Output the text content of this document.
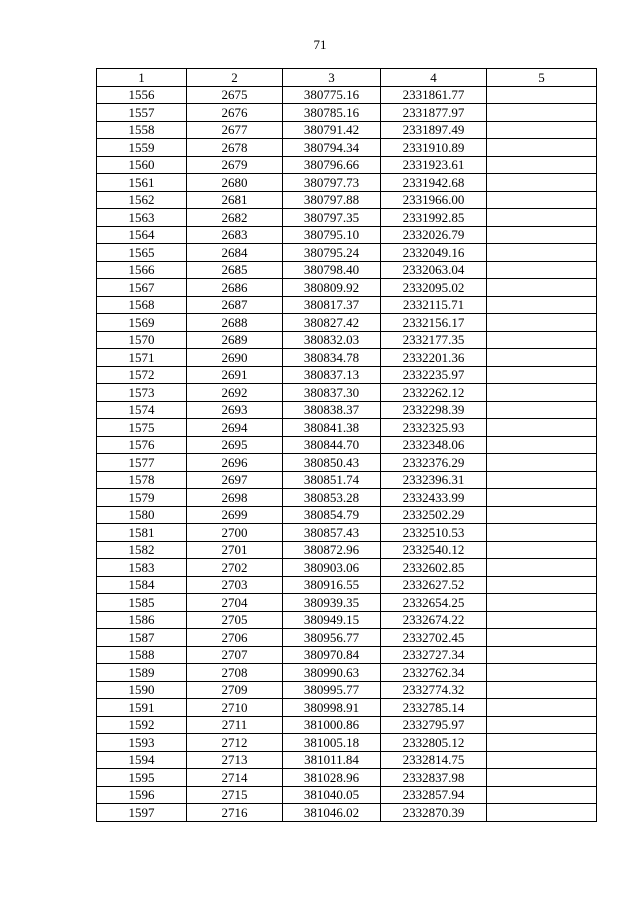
71
1	2	3	4	5
1556	2675	380775.16	2331861.77	
1557	2676	380785.16	2331877.97	
1558	2677	380791.42	2331897.49	
1559	2678	380794.34	2331910.89	
1560	2679	380796.66	2331923.61	
1561	2680	380797.73	2331942.68	
1562	2681	380797.88	2331966.00	
1563	2682	380797.35	2331992.85	
1564	2683	380795.10	2332026.79	
1565	2684	380795.24	2332049.16	
1566	2685	380798.40	2332063.04	
1567	2686	380809.92	2332095.02	
1568	2687	380817.37	2332115.71	
1569	2688	380827.42	2332156.17	
1570	2689	380832.03	2332177.35	
1571	2690	380834.78	2332201.36	
1572	2691	380837.13	2332235.97	
1573	2692	380837.30	2332262.12	
1574	2693	380838.37	2332298.39	
1575	2694	380841.38	2332325.93	
1576	2695	380844.70	2332348.06	
1577	2696	380850.43	2332376.29	
1578	2697	380851.74	2332396.31	
1579	2698	380853.28	2332433.99	
1580	2699	380854.79	2332502.29	
1581	2700	380857.43	2332510.53	
1582	2701	380872.96	2332540.12	
1583	2702	380903.06	2332602.85	
1584	2703	380916.55	2332627.52	
1585	2704	380939.35	2332654.25	
1586	2705	380949.15	2332674.22	
1587	2706	380956.77	2332702.45	
1588	2707	380970.84	2332727.34	
1589	2708	380990.63	2332762.34	
1590	2709	380995.77	2332774.32	
1591	2710	380998.91	2332785.14	
1592	2711	381000.86	2332795.97	
1593	2712	381005.18	2332805.12	
1594	2713	381011.84	2332814.75	
1595	2714	381028.96	2332837.98	
1596	2715	381040.05	2332857.94	
1597	2716	381046.02	2332870.39	
